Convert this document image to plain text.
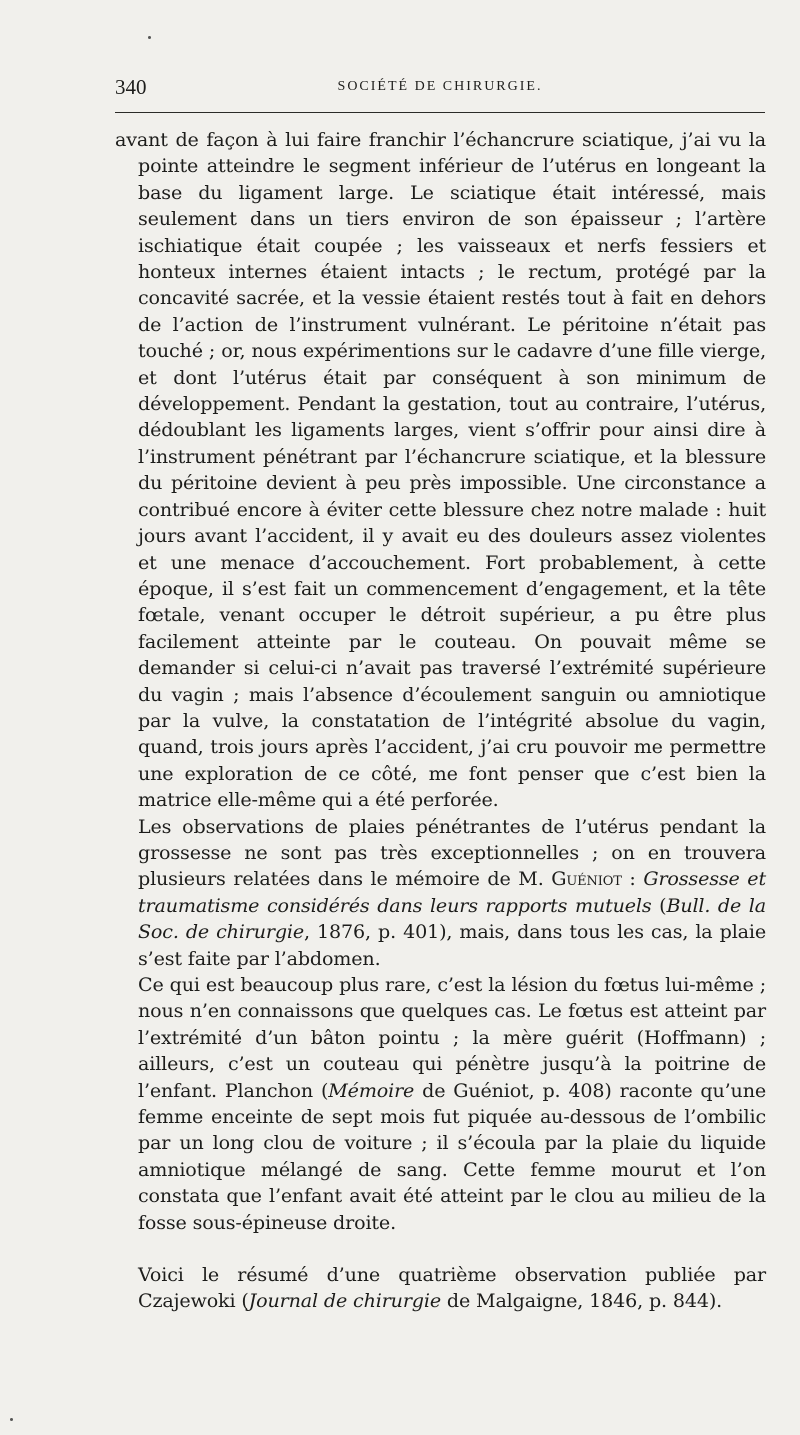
340	SOCIÉTÉ DE CHIRURGIE.

avant de façon à lui faire franchir l’échancrure sciatique, j’ai vu la pointe atteindre le segment inférieur de l’utérus en longeant la base du ligament large. Le sciatique était intéressé, mais seulement dans un tiers environ de son épaisseur ; l’artère ischiatique était coupée ; les vaisseaux et nerfs fessiers et honteux internes étaient intacts ; le rectum, protégé par la concavité sacrée, et la vessie étaient restés tout à fait en dehors de l’action de l’instrument vulnérant. Le péritoine n’était pas touché ; or, nous expérimentions sur le cadavre d’une fille vierge, et dont l’utérus était par conséquent à son minimum de développement. Pendant la gestation, tout au contraire, l’utérus, dédoublant les ligaments larges, vient s’offrir pour ainsi dire à l’instrument pénétrant par l’échancrure sciatique, et la blessure du péritoine devient à peu près impossible. Une circonstance a contribué encore à éviter cette blessure chez notre malade : huit jours avant l’accident, il y avait eu des douleurs assez violentes et une menace d’accouchement. Fort probablement, à cette époque, il s’est fait un commencement d’engagement, et la tête fœtale, venant occuper le détroit supérieur, a pu être plus facilement atteinte par le couteau. On pouvait même se demander si celui-ci n’avait pas traversé l’extrémité supérieure du vagin ; mais l’absence d’écoulement sanguin ou amniotique par la vulve, la constatation de l’intégrité absolue du vagin, quand, trois jours après l’accident, j’ai cru pouvoir me permettre une exploration de ce côté, me font penser que c’est bien la matrice elle-même qui a été perforée.

Les observations de plaies pénétrantes de l’utérus pendant la grossesse ne sont pas très exceptionnelles ; on en trouvera plusieurs relatées dans le mémoire de M. Guéniot : Grossesse et traumatisme considérés dans leurs rapports mutuels (Bull. de la Soc. de chirurgie, 1876, p. 401), mais, dans tous les cas, la plaie s’est faite par l’abdomen.

Ce qui est beaucoup plus rare, c’est la lésion du fœtus lui-même ; nous n’en connaissons que quelques cas. Le fœtus est atteint par l’extrémité d’un bâton pointu ; la mère guérit (Hoffmann) ; ailleurs, c’est un couteau qui pénètre jusqu’à la poitrine de l’enfant. Planchon (Mémoire de Guéniot, p. 408) raconte qu’une femme enceinte de sept mois fut piquée au-dessous de l’ombilic par un long clou de voiture ; il s’écoula par la plaie du liquide amniotique mélangé de sang. Cette femme mourut et l’on constata que l’enfant avait été atteint par le clou au milieu de la fosse sous-épineuse droite.

Voici le résumé d’une quatrième observation publiée par Czajewoki (Journal de chirurgie de Malgaigne, 1846, p. 844).
